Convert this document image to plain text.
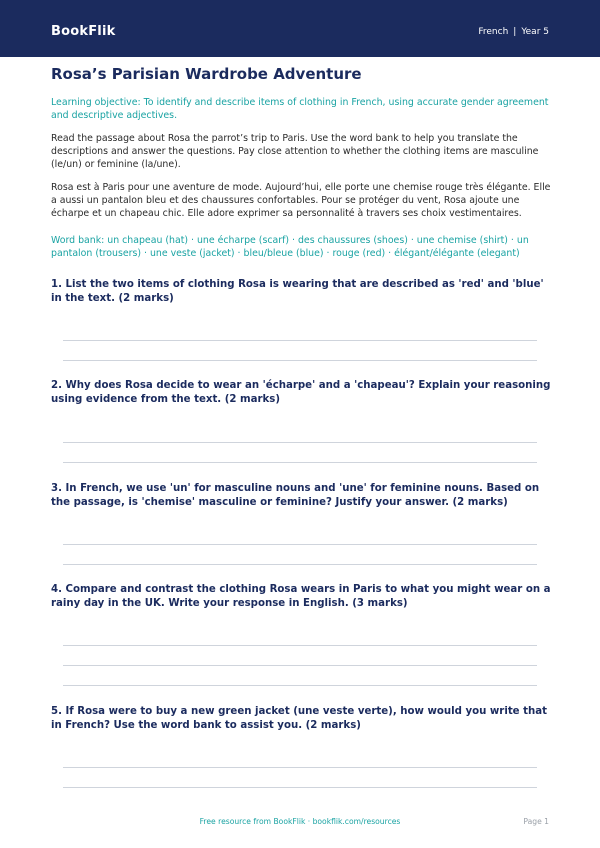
BookFlik	French | Year 5
Rosa’s Parisian Wardrobe Adventure

Learning objective: To identify and describe items of clothing in French, using accurate gender agreement and descriptive adjectives.

Read the passage about Rosa the parrot’s trip to Paris. Use the word bank to help you translate the descriptions and answer the questions. Pay close attention to whether the clothing items are masculine (le/un) or feminine (la/une).

Rosa est à Paris pour une aventure de mode. Aujourd’hui, elle porte une chemise rouge très élégante. Elle a aussi un pantalon bleu et des chaussures confortables. Pour se protéger du vent, Rosa ajoute une écharpe et un chapeau chic. Elle adore exprimer sa personnalité à travers ses choix vestimentaires.

Word bank: un chapeau (hat) · une écharpe (scarf) · des chaussures (shoes) · une chemise (shirt) · un pantalon (trousers) · une veste (jacket) · bleu/bleue (blue) · rouge (red) · élégant/élégante (elegant)

1. List the two items of clothing Rosa is wearing that are described as 'red' and 'blue' in the text. (2 marks)

2. Why does Rosa decide to wear an 'écharpe' and a 'chapeau'? Explain your reasoning using evidence from the text. (2 marks)

3. In French, we use 'un' for masculine nouns and 'une' for feminine nouns. Based on the passage, is 'chemise' masculine or feminine? Justify your answer. (2 marks)

4. Compare and contrast the clothing Rosa wears in Paris to what you might wear on a rainy day in the UK. Write your response in English. (3 marks)

5. If Rosa were to buy a new green jacket (une veste verte), how would you write that in French? Use the word bank to assist you. (2 marks)

Free resource from BookFlik · bookflik.com/resources	Page 1
